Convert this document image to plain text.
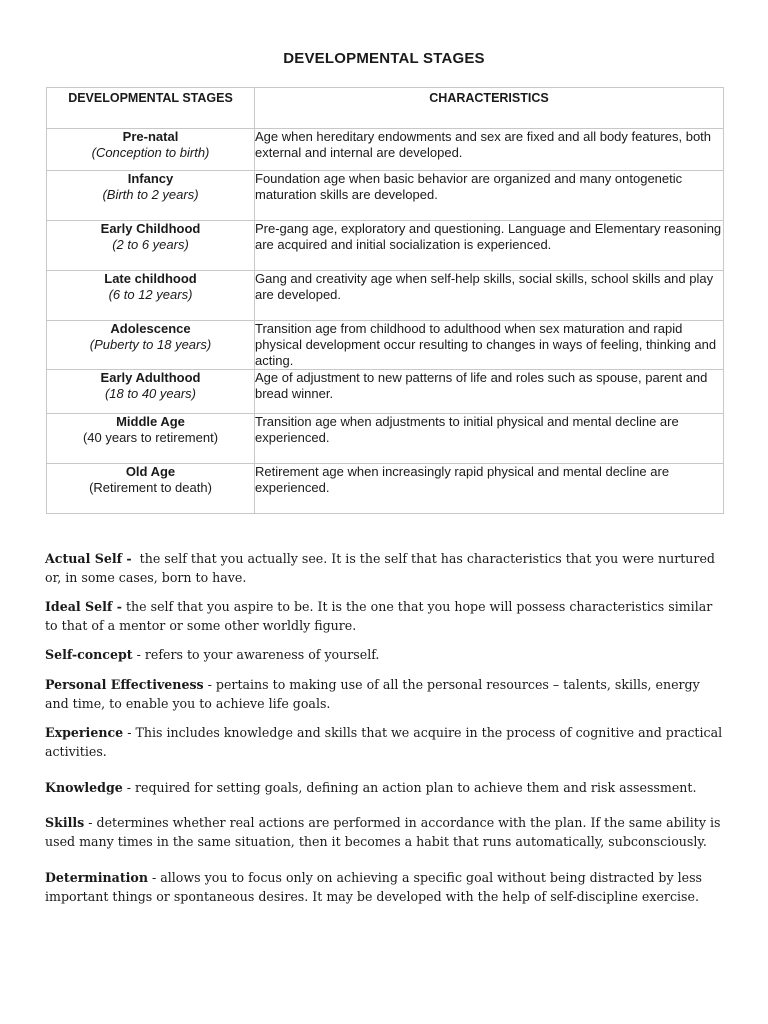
DEVELOPMENTAL STAGES
DEVELOPMENTAL STAGES	CHARACTERISTICS

Pre-natal
(Conception to birth)	Age when hereditary endowments and sex are fixed and all body features, both external and internal are developed.

Infancy
(Birth to 2 years)	Foundation age when basic behavior are organized and many ontogenetic maturation skills are developed.

Early Childhood
(2 to 6 years)	Pre-gang age, exploratory and questioning. Language and Elementary reasoning are acquired and initial socialization is experienced.

Late childhood
(6 to 12 years)	Gang and creativity age when self-help skills, social skills, school skills and play are developed.

Adolescence
(Puberty to 18 years)	Transition age from childhood to adulthood when sex maturation and rapid physical development occur resulting to changes in ways of feeling, thinking and acting.

Early Adulthood
(18 to 40 years)	Age of adjustment to new patterns of life and roles such as spouse, parent and bread winner.

Middle Age
(40 years to retirement)	Transition age when adjustments to initial physical and mental decline are experienced.

Old Age
(Retirement to death)	Retirement age when increasingly rapid physical and mental decline are experienced.

Actual Self -  the self that you actually see. It is the self that has characteristics that you were nurtured or, in some cases, born to have.

Ideal Self - the self that you aspire to be. It is the one that you hope will possess characteristics similar to that of a mentor or some other worldly figure.

Self-concept - refers to your awareness of yourself.

Personal Effectiveness - pertains to making use of all the personal resources – talents, skills, energy and time, to enable you to achieve life goals.

Experience - This includes knowledge and skills that we acquire in the process of cognitive and practical activities.

Knowledge - required for setting goals, defining an action plan to achieve them and risk assessment.

Skills - determines whether real actions are performed in accordance with the plan. If the same ability is used many times in the same situation, then it becomes a habit that runs automatically, subconsciously.

Determination - allows you to focus only on achieving a specific goal without being distracted by less important things or spontaneous desires. It may be developed with the help of self-discipline exercise.
